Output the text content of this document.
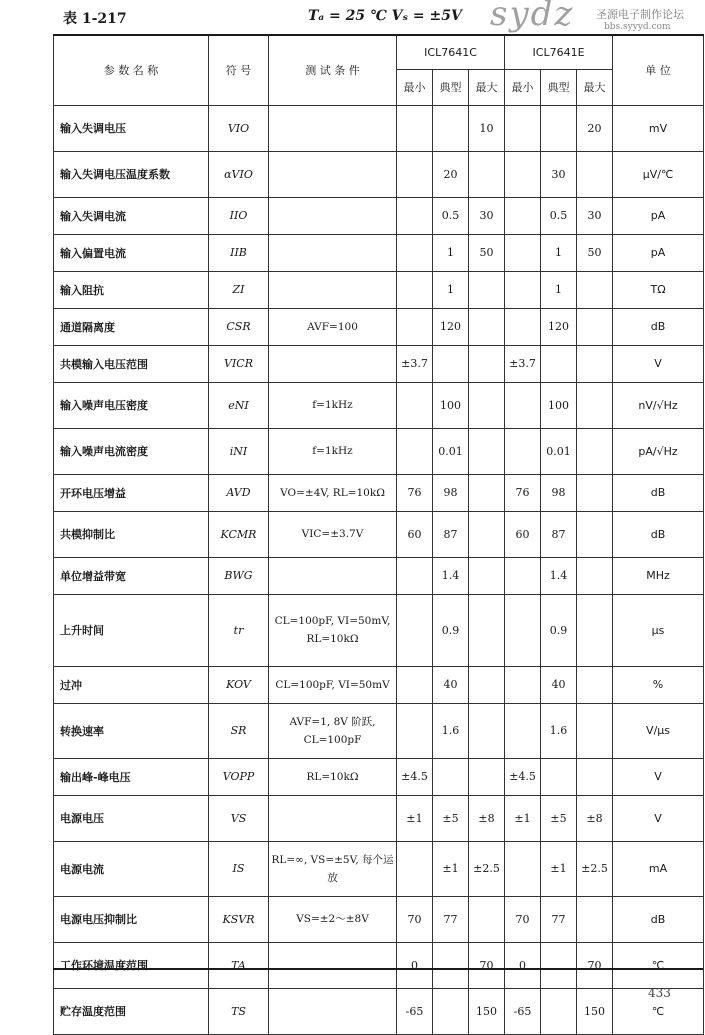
表 1-217	Tₐ = 25 ℃ Vₛ = ±5V sydz 圣源电子制作论坛
bbs.syyyd.com
参 数 名 称	符 号	测 试 条 件	ICL7641C			ICL7641E			单 位
			最小	典型	最大	最小	典型	最大	
输入失调电压	VIO				10			20	mV
输入失调电压温度系数	αVIO			20			30		μV/℃
输入失调电流	IIO			0.5	30		0.5	30	pA
输入偏置电流	IIB			1	50		1	50	pA
输入阻抗	ZI			1			1		TΩ
通道隔离度	CSR	AVF=100		120			120		dB
共模输入电压范围	VICR		±3.7			±3.7			V
输入噪声电压密度	eNI	f=1kHz		100			100		nV/√Hz
输入噪声电流密度	iNI	f=1kHz		0.01			0.01		pA/√Hz
开环电压增益	AVD	VO=±4V, RL=10kΩ	76	98		76	98		dB
共模抑制比	KCMR	VIC=±3.7V	60	87		60	87		dB
单位增益带宽	BWG			1.4			1.4		MHz
上升时间	tr	CL=100pF, VI=50mV, RL=10kΩ		0.9			0.9		μs
过冲	KOV	CL=100pF, VI=50mV		40			40		%
转换速率	SR	AVF=1, 8V 阶跃, CL=100pF		1.6			1.6		V/μs
输出峰-峰电压	VOPP	RL=10kΩ	±4.5			±4.5			V
电源电压	VS		±1	±5	±8	±1	±5	±8	V
电源电流	IS	RL=∞, VS=±5V, 每个运放		±1	±2.5		±1	±2.5	mA
电源电压抑制比	KSVR	VS=±2～±8V	70	77		70	77		dB
工作环境温度范围	TA		0		70	0		70	℃
贮存温度范围	TS		-65		150	-65		150	℃
433
